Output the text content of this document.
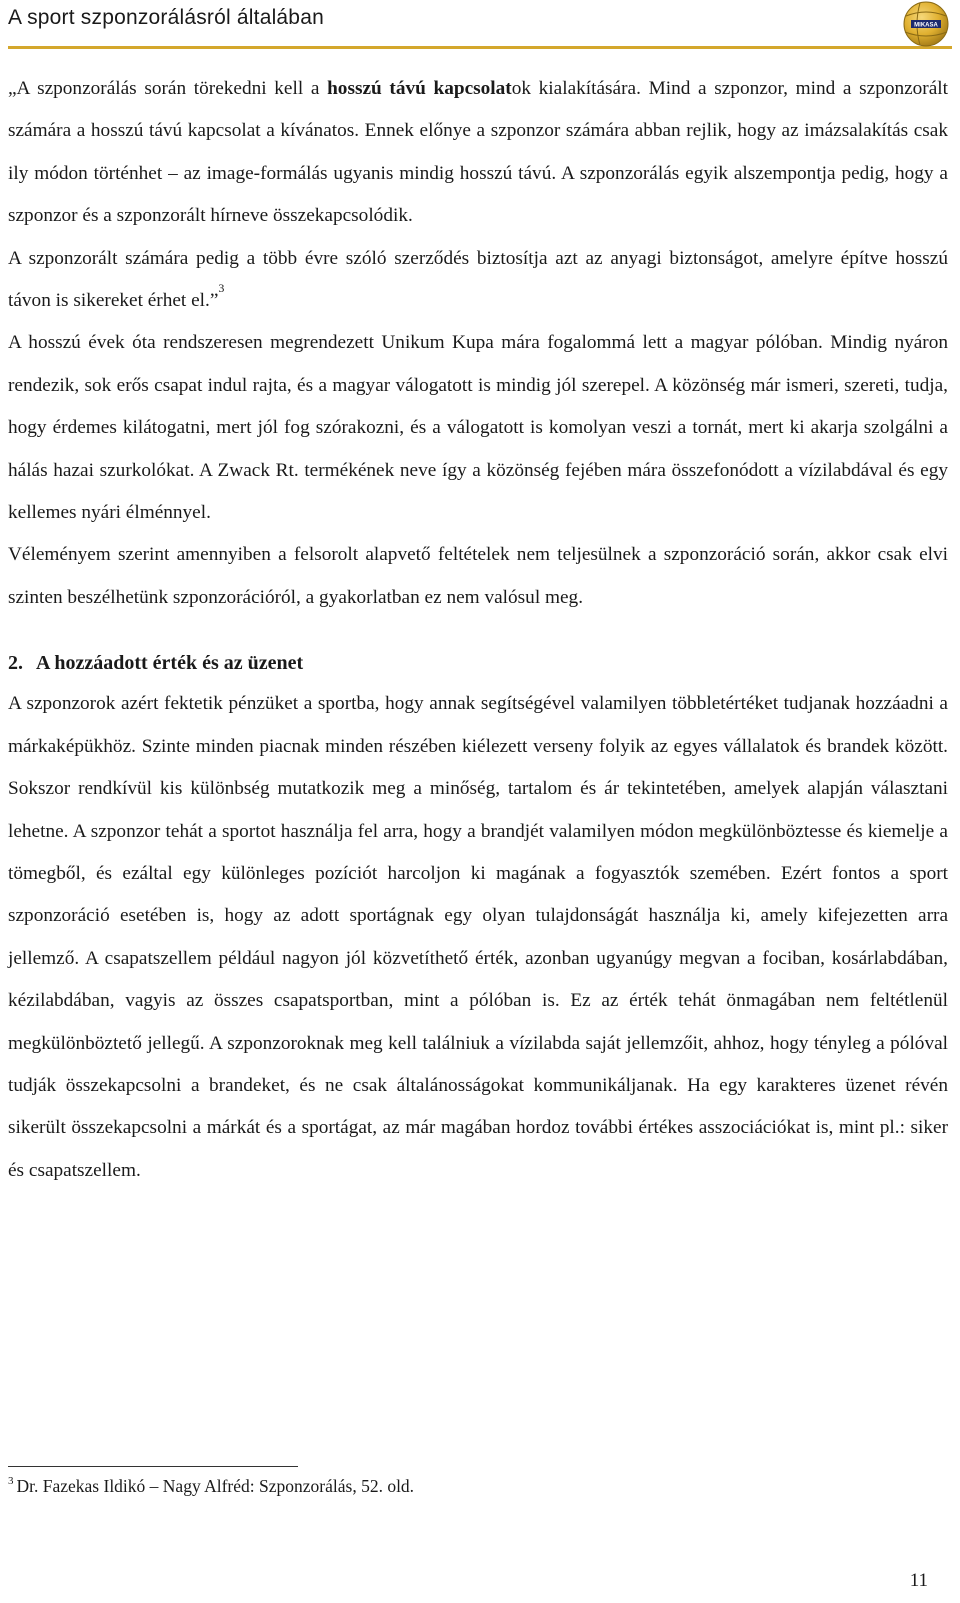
A sport szponzorálásról általában	MIKASA

„A szponzorálás során törekedni kell a hosszú távú kapcsolatok kialakítására. Mind a szponzor, mind a szponzorált számára a hosszú távú kapcsolat a kívánatos. Ennek előnye a szponzor számára abban rejlik, hogy az imázsalakítás csak ily módon történhet – az image-formálás ugyanis mindig hosszú távú. A szponzorálás egyik alszempontja pedig, hogy a szponzor és a szponzorált hírneve összekapcsolódik.

A szponzorált számára pedig a több évre szóló szerződés biztosítja azt az anyagi biztonságot, amelyre építve hosszú távon is sikereket érhet el.”$^3$

A hosszú évek óta rendszeresen megrendezett Unikum Kupa mára fogalommá lett a magyar pólóban. Mindig nyáron rendezik, sok erős csapat indul rajta, és a magyar válogatott is mindig jól szerepel. A közönség már ismeri, szereti, tudja, hogy érdemes kilátogatni, mert jól fog szórakozni, és a válogatott is komolyan veszi a tornát, mert ki akarja szolgálni a hálás hazai szurkolókat. A Zwack Rt. termékének neve így a közönség fejében mára összefonódott a vízilabdával és egy kellemes nyári élménnyel.

Véleményem szerint amennyiben a felsorolt alapvető feltételek nem teljesülnek a szponzoráció során, akkor csak elvi szinten beszélhetünk szponzorációról, a gyakorlatban ez nem valósul meg.

2. A hozzáadott érték és az üzenet

A szponzorok azért fektetik pénzüket a sportba, hogy annak segítségével valamilyen többletértéket tudjanak hozzáadni a márkaképükhöz. Szinte minden piacnak minden részében kiélezett verseny folyik az egyes vállalatok és brandek között. Sokszor rendkívül kis különbség mutatkozik meg a minőség, tartalom és ár tekintetében, amelyek alapján választani lehetne. A szponzor tehát a sportot használja fel arra, hogy a brandjét valamilyen módon megkülönböztesse és kiemelje a tömegből, és ezáltal egy különleges pozíciót harcoljon ki magának a fogyasztók szemében. Ezért fontos a sport szponzoráció esetében is, hogy az adott sportágnak egy olyan tulajdonságát használja ki, amely kifejezetten arra jellemző. A csapatszellem például nagyon jól közvetíthető érték, azonban ugyanúgy megvan a fociban, kosárlabdában, kézilabdában, vagyis az összes csapatsportban, mint a pólóban is. Ez az érték tehát önmagában nem feltétlenül megkülönböztető jellegű. A szponzoroknak meg kell találniuk a vízilabda saját jellemzőit, ahhoz, hogy tényleg a pólóval tudják összekapcsolni a brandeket, és ne csak általánosságokat kommunikáljanak. Ha egy karakteres üzenet révén sikerült összekapcsolni a márkát és a sportágat, az már magában hordoz további értékes asszociációkat is, mint pl.: siker és csapatszellem.

$^3$ Dr. Fazekas Ildikó – Nagy Alfréd: Szponzorálás, 52. old.
11
